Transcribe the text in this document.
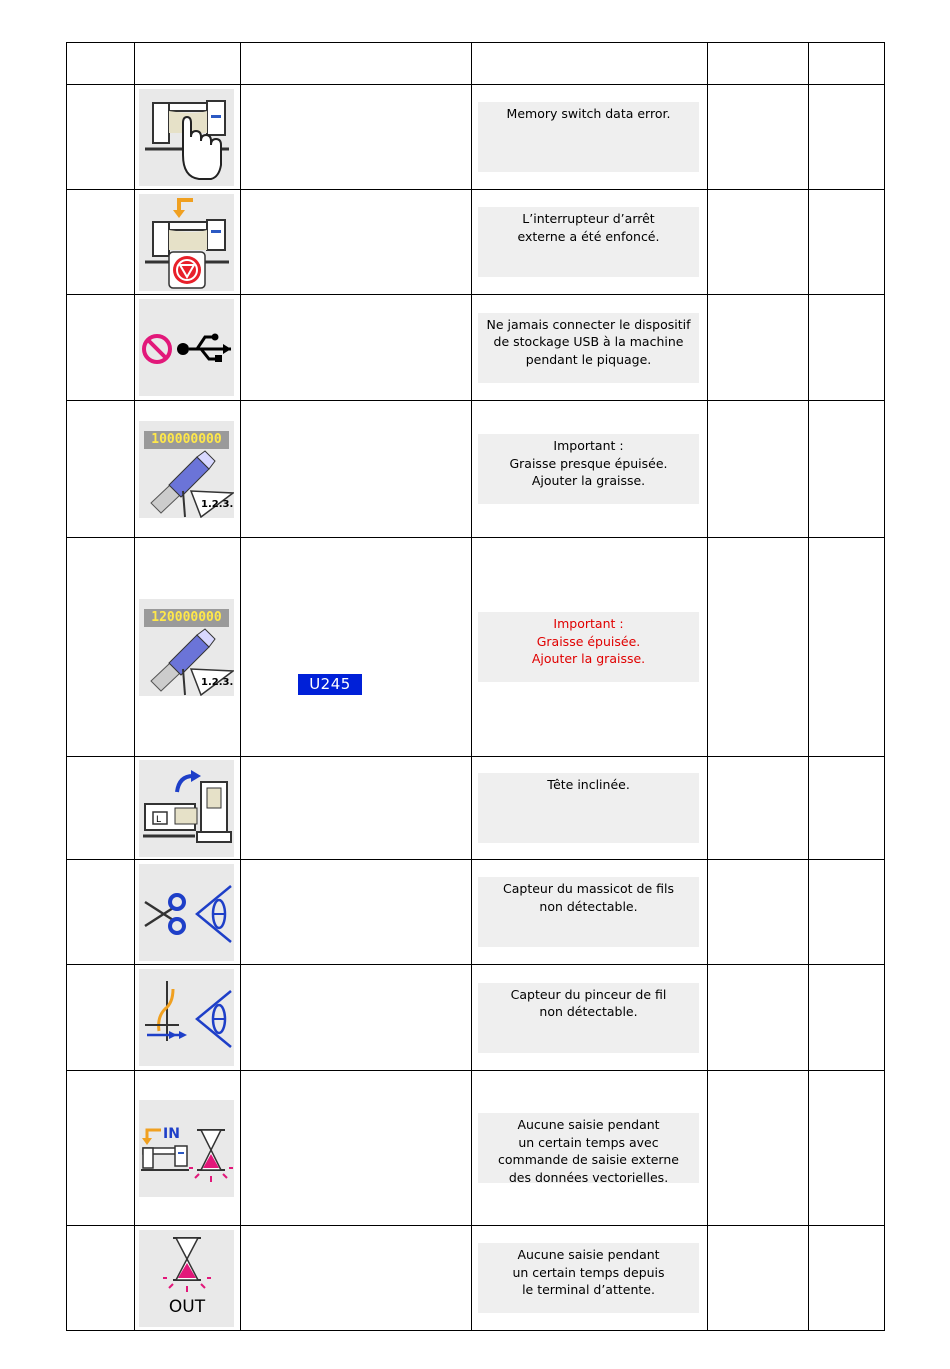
Memory switch data error.		

L’interrupteur d’arrêt
externe a été enfoncé.		

Ne jamais connecter le dispositif
de stockage USB à la machine
pendant le piquage.		

	100000000
1.2.3.		Important :
Graisse presque épuisée.
Ajouter la graisse.		

	120000000
1.2.3.	U245	Important :
Graisse épuisée.
Ajouter la graisse.		

L		Tête inclinée.		

Capteur du massicot de fils
non détectable.		

Capteur du pinceur de fil
non détectable.		

IN		Aucune saisie pendant
un certain temps avec
commande de saisie externe
des données vectorielles.		

OUT		Aucune saisie pendant
un certain temps depuis
le terminal d’attente.		
